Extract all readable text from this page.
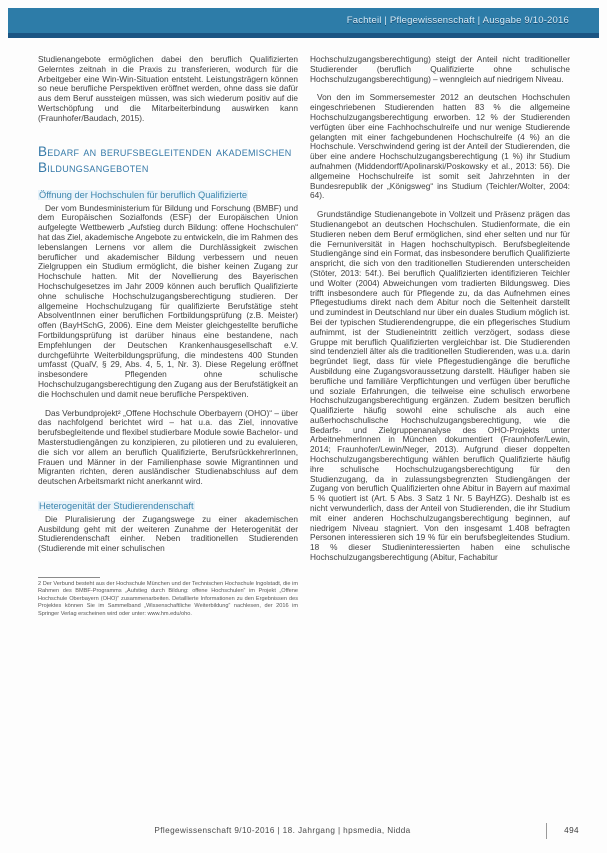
Fachteil | Pflegewissenschaft | Ausgabe 9/10-2016

Studienangebote ermöglichen dabei den beruflich Qualifizierten Gelerntes zeitnah in die Praxis zu transferieren, wodurch für die Arbeitgeber eine Win-Win-Situation entsteht. Leistungsträgern können so neue berufliche Perspektiven eröffnet werden, ohne dass sie dafür aus dem Beruf aussteigen müssen, was sich wiederum positiv auf die Wertschöpfung und die Mitarbeiterbindung auswirken kann (Fraunhofer/Baudach, 2015).

Bedarf an berufsbegleitenden akademischen Bildungsangeboten
Öffnung der Hochschulen für beruflich Qualifizierte

Der vom Bundesministerium für Bildung und Forschung (BMBF) und dem Europäischen Sozialfonds (ESF) der Europäischen Union aufgelegte Wettbewerb „Aufstieg durch Bildung: offene Hochschulen“ hat das Ziel, akademische Angebote zu entwickeln, die im Rahmen des lebenslangen Lernens vor allem die Durchlässigkeit zwischen beruflicher und akademischer Bildung verbessern und neuen Zielgruppen ein Studium ermöglicht, die bisher keinen Zugang zur Hochschule hatten. Mit der Novellierung des Bayerischen Hochschulgesetzes im Jahr 2009 können auch beruflich Qualifizierte ohne schulische Hochschulzugangsberechtigung studieren. Der allgemeine Hochschulzugang für qualifizierte Berufstätige steht AbsolventInnen einer beruflichen Fortbildungsprüfung (z.B. Meister) offen (BayHSchG, 2006). Eine dem Meister gleichgestellte berufliche Fortbildungsprüfung ist darüber hinaus eine bestandene, nach Empfehlungen der Deutschen Krankenhausgesellschaft e.V. durchgeführte Weiterbildungsprüfung, die mindestens 400 Stunden umfasst (QualV, § 29, Abs. 4, 5, 1, Nr. 3). Diese Regelung eröffnet insbesondere Pflegenden ohne schulische Hochschulzugangsberechtigung den Zugang aus der Berufstätigkeit an die Hochschulen und damit neue berufliche Perspektiven.

Das Verbundprojekt² „Offene Hochschule Oberbayern (OHO)“ – über das nachfolgend berichtet wird – hat u.a. das Ziel, innovative berufsbegleitende und flexibel studierbare Module sowie Bachelor- und Masterstudiengängen zu konzipieren, zu pilotieren und zu evaluieren, die sich vor allem an beruflich Qualifizierte, BerufsrückkehrerInnen, Frauen und Männer in der Familienphase sowie Migrantinnen und Migranten richten, deren ausländischer Studienabschluss auf dem deutschen Arbeitsmarkt nicht anerkannt wird.

Heterogenität der Studierendenschaft

Die Pluralisierung der Zugangswege zu einer akademischen Ausbildung geht mit der weiteren Zunahme der Heterogenität der Studierendenschaft einher. Neben traditionellen Studierenden (Studierende mit einer schulischen

2 Der Verbund besteht aus der Hochschule München und der Technischen Hochschule Ingolstadt, die im Rahmen des BMBF-Programms „Aufstieg durch Bildung: offene Hochschulen“ im Projekt „Offene Hochschule Oberbayern (OHO)“ zusammenarbeiten. Detaillierte Informationen zu den Ergebnissen des Projektes können Sie im Sammelband „Wissenschaftliche Weiterbildung“ nachlesen, der 2016 im Springer Verlag erscheinen wird oder unter: www.hm.edu/oho.

Hochschulzugangsberechtigung) steigt der Anteil nicht traditioneller Studierender (beruflich Qualifizierte ohne schulische Hochschulzugangsberechtigung) – wenngleich auf niedrigem Niveau.

Von den im Sommersemester 2012 an deutschen Hochschulen eingeschriebenen Studierenden hatten 83 % die allgemeine Hochschulzugangsberechtigung erworben. 12 % der Studierenden verfügten über eine Fachhochschulreife und nur wenige Studierende gelangten mit einer fachgebundenen Hochschulreife (4 %) an die Hochschule. Verschwindend gering ist der Anteil der Studierenden, die über eine andere Hochschulzugangsberechtigung (1 %) ihr Studium aufnahmen (Middendorff/Apolinarski/Poskowsky et al., 2013: 56). Die allgemeine Hochschulreife ist somit seit Jahrzehnten in der Bundesrepublik der „Königsweg“ ins Studium (Teichler/Wolter, 2004: 64).

Grundständige Studienangebote in Vollzeit und Präsenz prägen das Studienangebot an deutschen Hochschulen. Studienformate, die ein Studieren neben dem Beruf ermöglichen, sind eher selten und nur für die Fernuniversität in Hagen hochschultypisch. Berufsbegleitende Studiengänge sind ein Format, das insbesondere beruflich Qualifizierte anspricht, die sich von den traditionellen Studierenden unterscheiden (Stöter, 2013: 54f.). Bei beruflich Qualifizierten identifizieren Teichler und Wolter (2004) Abweichungen vom tradierten Bildungsweg. Dies trifft insbesondere auch für Pflegende zu, da das Aufnehmen eines Pflegestudiums direkt nach dem Abitur noch die Seltenheit darstellt und zumindest in Deutschland nur über ein duales Studium möglich ist. Bei der typischen Studierendengruppe, die ein pflegerisches Studium aufnimmt, ist der Studieneintritt zeitlich verzögert, sodass diese Gruppe mit beruflich Qualifizierten vergleichbar ist. Die Studierenden sind tendenziell älter als die traditionellen Studierenden, was u.a. darin begründet liegt, dass für viele Pflegestudiengänge die berufliche Ausbildung eine Zugangsvoraussetzung darstellt. Häufiger haben sie berufliche und familiäre Verpflichtungen und verfügen über berufliche und soziale Erfahrungen, die teilweise eine schulisch erworbene Hochschulzugangsberechtigung ergänzen. Zudem besitzen beruflich Qualifizierte häufig sowohl eine schulische als auch eine außerhochschulische Hochschulzugangsberechtigung, wie die Bedarfs- und Zielgruppenanalyse des OHO-Projekts unter ArbeitnehmerInnen in München dokumentiert (Fraunhofer/Lewin, 2014; Fraunhofer/Lewin/Neger, 2013). Aufgrund dieser doppelten Hochschulzugangsberechtigung wählen beruflich Qualifizierte häufig ihre schulische Hochschulzugangsberechtigung für den Studienzugang, da in zulassungsbegrenzten Studiengängen der Zugang von beruflich Qualifizierten ohne Abitur in Bayern auf maximal 5 % quotiert ist (Art. 5 Abs. 3 Satz 1 Nr. 5 BayHZG). Deshalb ist es nicht verwunderlich, dass der Anteil von Studierenden, die ihr Studium mit einer anderen Hochschulzugangsberechtigung beginnen, auf niedrigem Niveau stagniert. Von den insgesamt 1.408 befragten Personen interessieren sich 19 % für ein berufsbegleitendes Studium. 18 % dieser Studieninteressierten haben eine schulische Hochschulzugangsberechtigung (Abitur, Fachabitur

Pflegewissenschaft 9/10-2016 | 18. Jahrgang | hpsmedia, Nidda	494
